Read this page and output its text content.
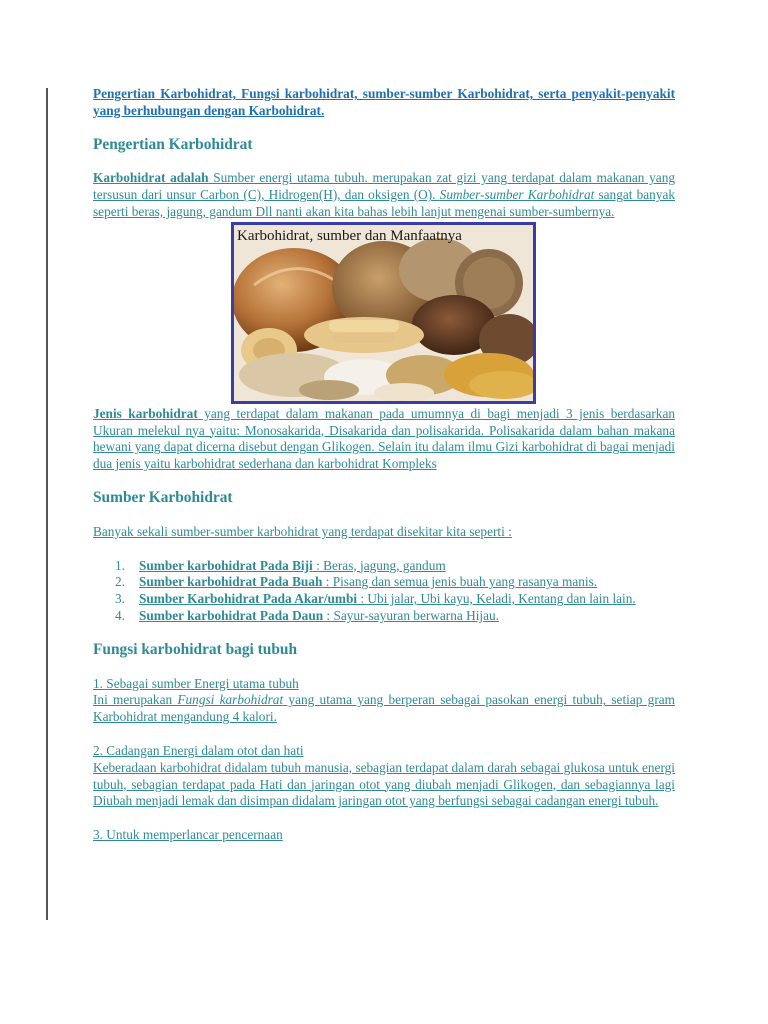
Pengertian Karbohidrat, Fungsi karbohidrat, sumber-sumber Karbohidrat, serta penyakit-penyakit yang berhubungan dengan Karbohidrat.

Pengertian Karbohidrat

Karbohidrat adalah Sumber energi utama tubuh. merupakan zat gizi yang terdapat dalam makanan yang tersusun dari unsur Carbon (C), Hidrogen(H), dan oksigen (O). Sumber-sumber Karbohidrat sangat banyak seperti beras, jagung, gandum Dll nanti akan kita bahas lebih lanjut mengenai sumber-sumbernya.

Karbohidrat, sumber dan Manfaatnya

Jenis karbohidrat yang terdapat dalam makanan pada umumnya di bagi menjadi 3 jenis berdasarkan Ukuran melekul nya yaitu: Monosakarida, Disakarida dan polisakarida. Polisakarida dalam bahan makana hewani yang dapat dicerna disebut dengan Glikogen. Selain itu dalam ilmu Gizi karbohidrat di bagai menjadi dua jenis yaitu karbohidrat sederhana dan karbohidrat Kompleks

Sumber Karbohidrat

Banyak sekali sumber-sumber karbohidrat yang terdapat disekitar kita seperti :

1. Sumber karbohidrat Pada Biji : Beras, jagung, gandum
2. Sumber karbohidrat Pada Buah : Pisang dan semua jenis buah yang rasanya manis.
3. Sumber Karbohidrat Pada Akar/umbi : Ubi jalar, Ubi kayu, Keladi, Kentang dan lain lain.
4. Sumber karbohidrat Pada Daun : Sayur-sayuran berwarna Hijau.
Fungsi karbohidrat bagi tubuh

1. Sebagai sumber Energi utama tubuh

Ini merupakan Fungsi karbohidrat yang utama yang berperan sebagai pasokan energi tubuh, setiap gram Karbohidrat mengandung 4 kalori.

2. Cadangan Energi dalam otot dan hati

Keberadaan karbohidrat didalam tubuh manusia, sebagian terdapat dalam darah sebagai glukosa untuk energi tubuh, sebagian terdapat pada Hati dan jaringan otot yang diubah menjadi Glikogen, dan sebagiannya lagi Diubah menjadi lemak dan disimpan didalam jaringan otot yang berfungsi sebagai cadangan energi tubuh.

3. Untuk memperlancar pencernaan
